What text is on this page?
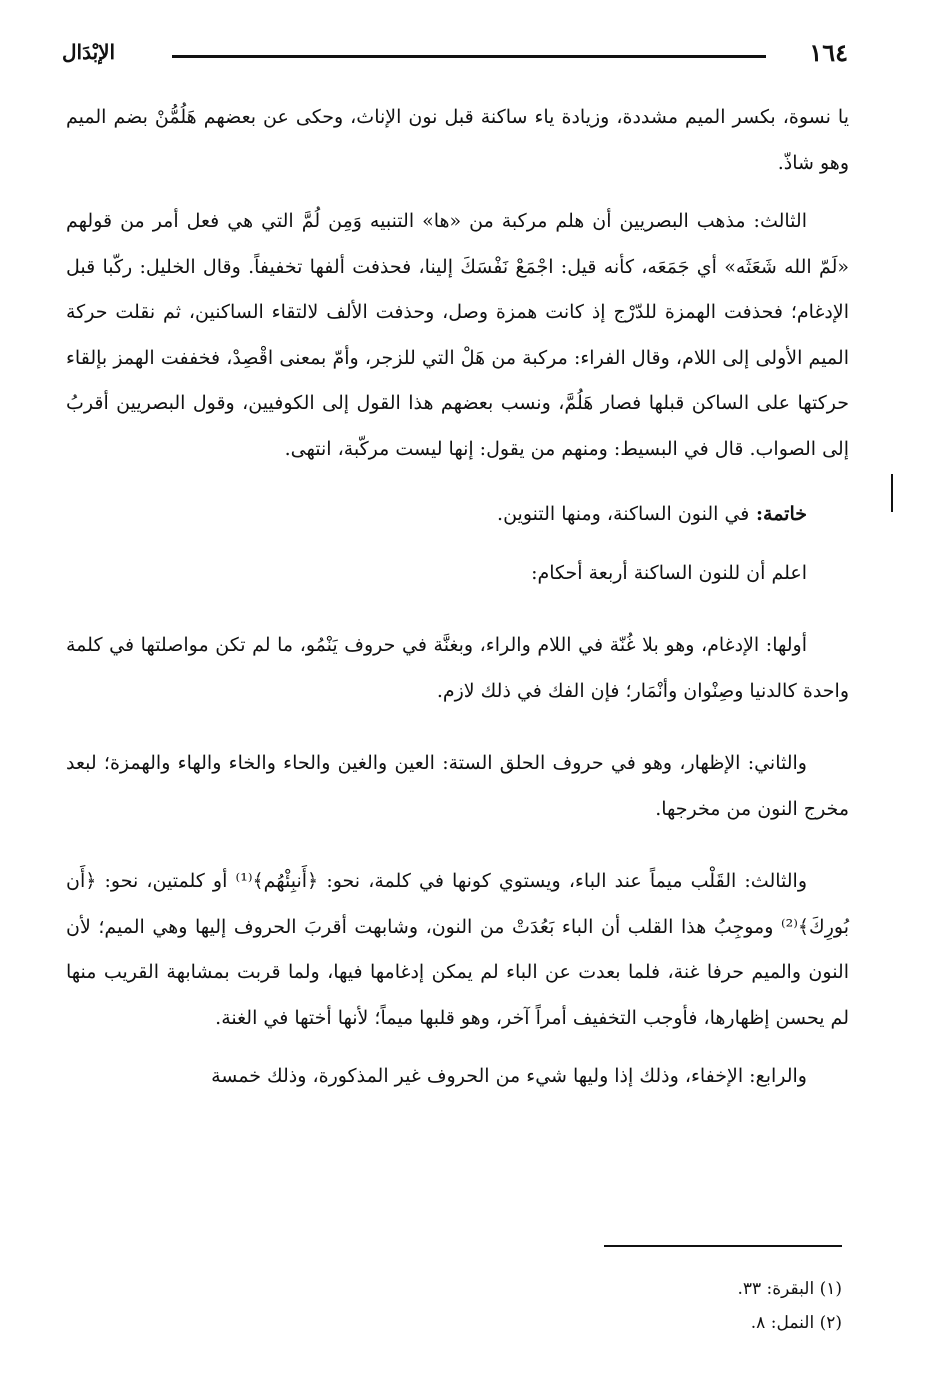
١٦٤
الإبْدَال

يا نسوة، بكسر الميم مشددة، وزيادة ياء ساكنة قبل نون الإناث، وحكى عن بعضهم هَلُمُّنْ بضم الميم وهو شاذّ.

الثالث: مذهب البصريين أن هلم مركبة من «ها» التنبيه وَمِن لُمَّ التي هي فعل أمر من قولهم «لَمّ الله شَعَثَه» أي جَمَعَه، كأنه قيل: اجْمَعْ نَفْسَكَ إلينا، فحذفت ألفها تخفيفاً. وقال الخليل: ركّبا قبل الإدغام؛ فحذفت الهمزة للدّرْج إذ كانت همزة وصل، وحذفت الألف لالتقاء الساكنين، ثم نقلت حركة الميم الأولى إلى اللام، وقال الفراء: مركبة من هَلْ التي للزجر، وأمّ بمعنى اقْصِدْ، فخففت الهمز بإلقاء حركتها على الساكن قبلها فصار هَلُمَّ، ونسب بعضهم هذا القول إلى الكوفيين، وقول البصريين أقربُ إلى الصواب. قال في البسيط: ومنهم من يقول: إنها ليست مركّبة، انتهى.

خاتمة: في النون الساكنة، ومنها التنوين.

اعلم أن للنون الساكنة أربعة أحكام:

أولها: الإدغام، وهو بلا غُنّة في اللام والراء، وبغنَّة في حروف يَنْمُو، ما لم تكن مواصلتها في كلمة واحدة كالدنيا وصِنْوان وأنْمَار؛ فإن الفك في ذلك لازم.

والثاني: الإظهار، وهو في حروف الحلق الستة: العين والغين والحاء والخاء والهاء والهمزة؛ لبعد مخرج النون من مخرجها.

والثالث: القَلْب ميماً عند الباء، ويستوي كونها في كلمة، نحو: ﴿أَنبِئْهُم﴾⁽¹⁾ أو كلمتين، نحو: ﴿أَن بُورِكَ﴾⁽²⁾ وموجِبُ هذا القلب أن الباء بَعُدَتْ من النون، وشابهت أقربَ الحروف إليها وهي الميم؛ لأن النون والميم حرفا غنة، فلما بعدت عن الباء لم يمكن إدغامها فيها، ولما قربت بمشابهة القريب منها لم يحسن إظهارها، فأوجب التخفيف أمراً آخر، وهو قلبها ميماً؛ لأنها أختها في الغنة.

والرابع: الإخفاء، وذلك إذا وليها شيء من الحروف غير المذكورة، وذلك خمسة

(١) البقرة: ٣٣.
(٢) النمل: ٨.
